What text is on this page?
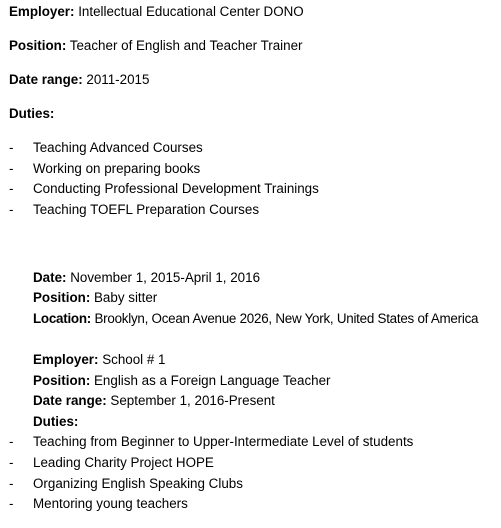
Employer: Intellectual Educational Center DONO
Position: Teacher of English and Teacher Trainer
Date range: 2011-2015
Duties:
- Teaching Advanced Courses
- Working on preparing books
- Conducting Professional Development Trainings
- Teaching TOEFL Preparation Courses
Date: November 1, 2015-April 1, 2016
Position: Baby sitter
Location: Brooklyn, Ocean Avenue 2026, New York, United States of America
Employer: School # 1
Position: English as a Foreign Language Teacher
Date range: September 1, 2016-Present
Duties:
- Teaching from Beginner to Upper-Intermediate Level of students
- Leading Charity Project HOPE
- Organizing English Speaking Clubs
- Mentoring young teachers
